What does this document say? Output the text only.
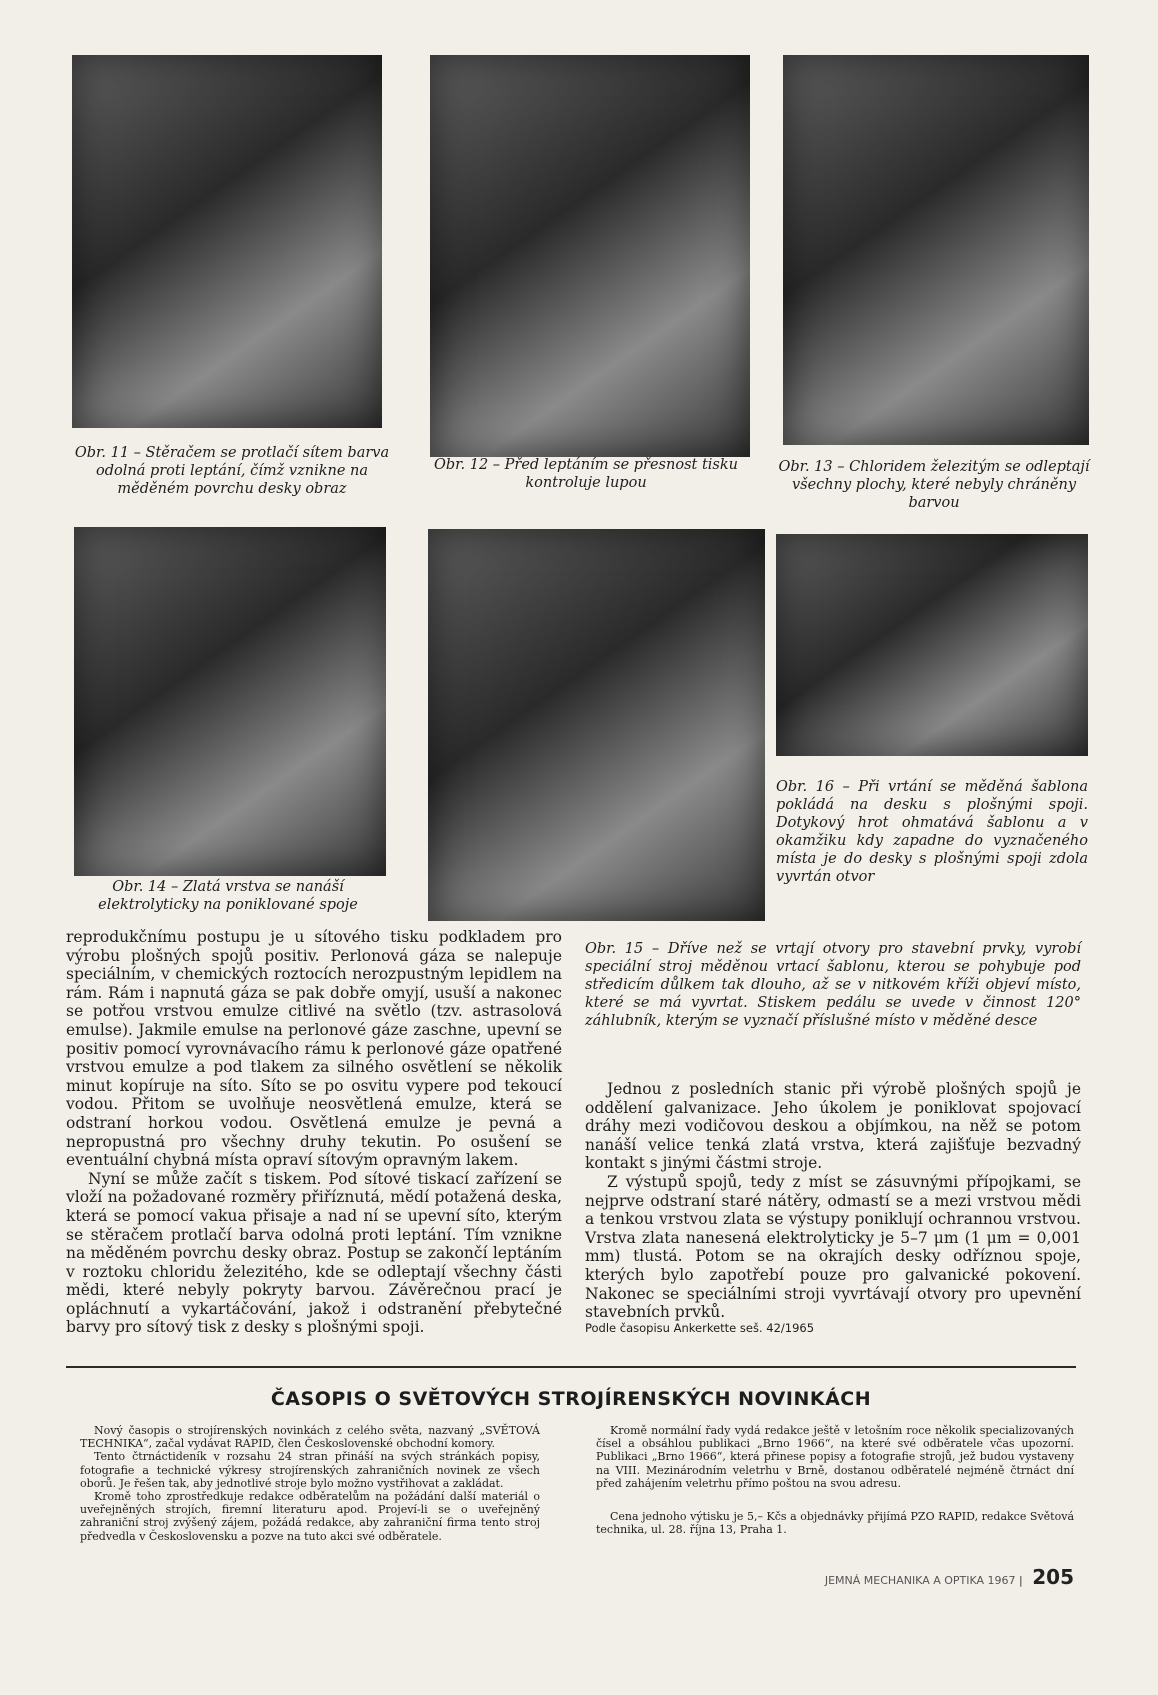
Obr. 11 – Stěračem se protlačí sítem barva odolná proti leptání, čímž vznikne na měděném povrchu desky obraz
Obr. 12 – Před leptáním se přesnost tisku kontroluje lupou
Obr. 13 – Chloridem železitým se odleptají všechny plochy, které nebyly chráněny barvou
Obr. 16 – Při vrtání se měděná šablona pokládá na desku s plošnými spoji. Dotykový hrot ohmatává šablonu a v okamžiku kdy zapadne do vyznačeného místa je do desky s plošnými spoji zdola vyvrtán otvor
Obr. 14 – Zlatá vrstva se nanáší elektrolyticky na poniklované spoje

reprodukčnímu postupu je u sítového tisku podkladem pro výrobu plošných spojů positiv. Perlonová gáza se nalepuje speciálním, v chemických roztocích nerozpustným lepidlem na rám. Rám i napnutá gáza se pak dobře omyjí, usuší a nakonec se potřou vrstvou emulze citlivé na světlo (tzv. astrasolová emulse). Jakmile emulse na perlonové gáze zaschne, upevní se positiv pomocí vyrovnávacího rámu k perlonové gáze opatřené vrstvou emulze a pod tlakem za silného osvětlení se několik minut kopíruje na síto. Síto se po osvitu vypere pod tekoucí vodou. Přitom se uvolňuje neosvětlená emulze, která se odstraní horkou vodou. Osvětlená emulze je pevná a nepropustná pro všechny druhy tekutin. Po osušení se eventuální chybná místa opraví sítovým opravným lakem.

Nyní se může začít s tiskem. Pod sítové tiskací zařízení se vloží na požadované rozměry přiříznutá, mědí potažená deska, která se pomocí vakua přisaje a nad ní se upevní síto, kterým se stěračem protlačí barva odolná proti leptání. Tím vznikne na měděném povrchu desky obraz. Postup se zakončí leptáním v roztoku chloridu železitého, kde se odleptají všechny části mědi, které nebyly pokryty barvou. Závěrečnou prací je opláchnutí a vykartáčování, jakož i odstranění přebytečné barvy pro sítový tisk z desky s plošnými spoji.

Obr. 15 – Dříve než se vrtají otvory pro stavební prvky, vyrobí speciální stroj měděnou vrtací šablonu, kterou se pohybuje pod středicím důlkem tak dlouho, až se v nitkovém kříži objeví místo, které se má vyvrtat. Stiskem pedálu se uvede v činnost 120° záhlubník, kterým se vyznačí příslušné místo v měděné desce

Jednou z posledních stanic při výrobě plošných spojů je oddělení galvanizace. Jeho úkolem je poniklovat spojovací dráhy mezi vodičovou deskou a objímkou, na něž se potom nanáší velice tenká zlatá vrstva, která zajišťuje bezvadný kontakt s jinými částmi stroje.

Z výstupů spojů, tedy z míst se zásuvnými přípojkami, se nejprve odstraní staré nátěry, odmastí se a mezi vrstvou mědi a tenkou vrstvou zlata se výstupy poniklují ochrannou vrstvou. Vrstva zlata nanesená elektrolyticky je 5–7 μm (1 μm = 0,001 mm) tlustá. Potom se na okrajích desky odříznou spoje, kterých bylo zapotřebí pouze pro galvanické pokovení. Nakonec se speciálními stroji vyvrtávají otvory pro upevnění stavebních prvků.

Podle časopisu Ankerkette seš. 42/1965
ČASOPIS O SVĚTOVÝCH STROJÍRENSKÝCH NOVINKÁCH

Nový časopis o strojírenských novinkách z celého světa, nazvaný „SVĚTOVÁ TECHNIKA“, začal vydávat RAPID, člen Československé obchodní komory.

Tento čtrnáctideník v rozsahu 24 stran přináší na svých stránkách popisy, fotografie a technické výkresy strojírenských zahraničních novinek ze všech oborů. Je řešen tak, aby jednotlivé stroje bylo možno vystřihovat a zakládat.

Kromě toho zprostředkuje redakce odběratelům na požádání další materiál o uveřejněných strojích, firemní literaturu apod. Projeví-li se o uveřejněný zahraniční stroj zvýšený zájem, požádá redakce, aby zahraniční firma tento stroj předvedla v Československu a pozve na tuto akci své odběratele.

Kromě normální řady vydá redakce ještě v letošním roce několik specializovaných čísel a obsáhlou publikaci „Brno 1966“, na které své odběratele včas upozorní. Publikaci „Brno 1966“, která přinese popisy a fotografie strojů, jež budou vystaveny na VIII. Mezinárodním veletrhu v Brně, dostanou odběratelé nejméně čtrnáct dní před zahájením veletrhu přímo poštou na svou adresu.

Cena jednoho výtisku je 5,– Kčs a objednávky přijímá PZO RAPID, redakce Světová technika, ul. 28. října 13, Praha 1.

JEMNÁ MECHANIKA A OPTIKA 1967 | 205
